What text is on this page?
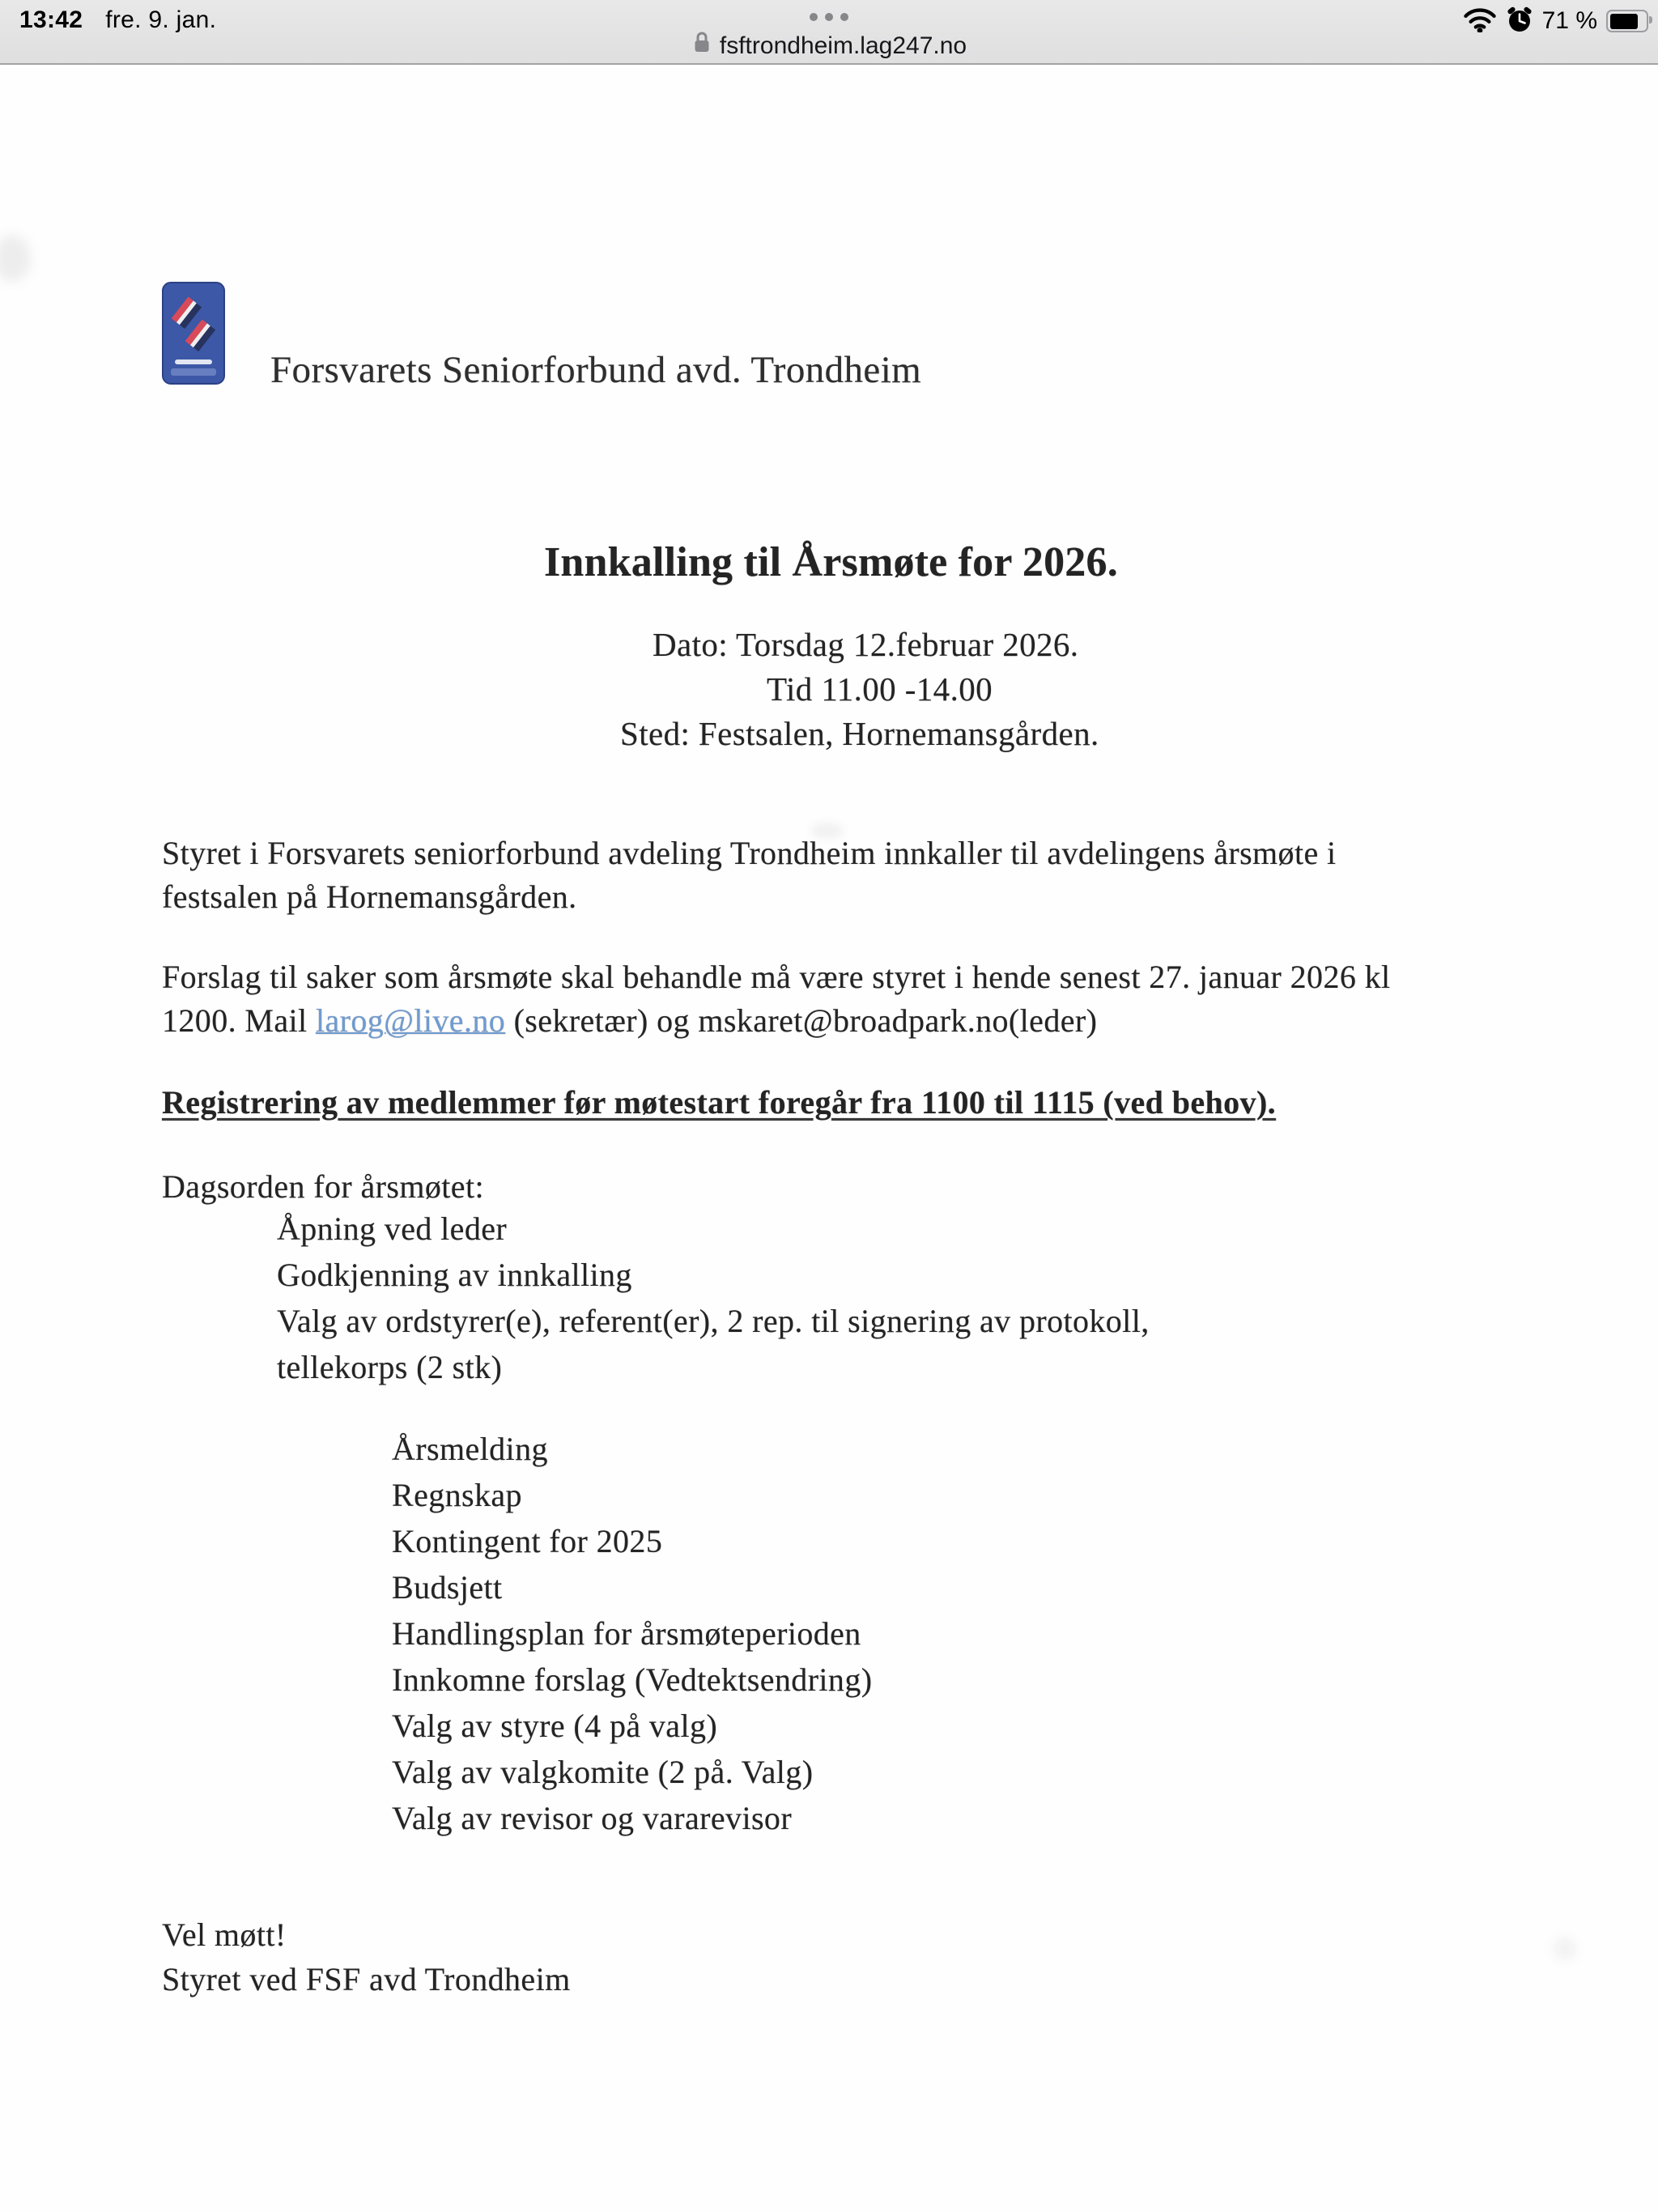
13:42 fre. 9. jan.	71 %
fsftrondheim.lag247.no
Forsvarets Seniorforbund avd. Trondheim
Innkalling til Årsmøte for 2026.
Dato: Torsdag 12.februar 2026.
Tid 11.00 -14.00
Sted: Festsalen, Hornemansgården.
Styret i Forsvarets seniorforbund avdeling Trondheim innkaller til avdelingens årsmøte i
festsalen på Hornemansgården.
Forslag til saker som årsmøte skal behandle må være styret i hende senest 27. januar 2026 kl
1200. Mail larog@live.no (sekretær) og mskaret@broadpark.no(leder)
Registrering av medlemmer før møtestart foregår fra 1100 til 1115 (ved behov).
Dagsorden for årsmøtet:
Åpning ved leder
Godkjenning av innkalling
Valg av ordstyrer(e), referent(er), 2 rep. til signering av protokoll,
tellekorps (2 stk)
Årsmelding
Regnskap
Kontingent for 2025
Budsjett
Handlingsplan for årsmøteperioden
Innkomne forslag (Vedtektsendring)
Valg av styre (4 på valg)
Valg av valgkomite (2 på. Valg)
Valg av revisor og vararevisor
Vel møtt!
Styret ved FSF avd Trondheim
